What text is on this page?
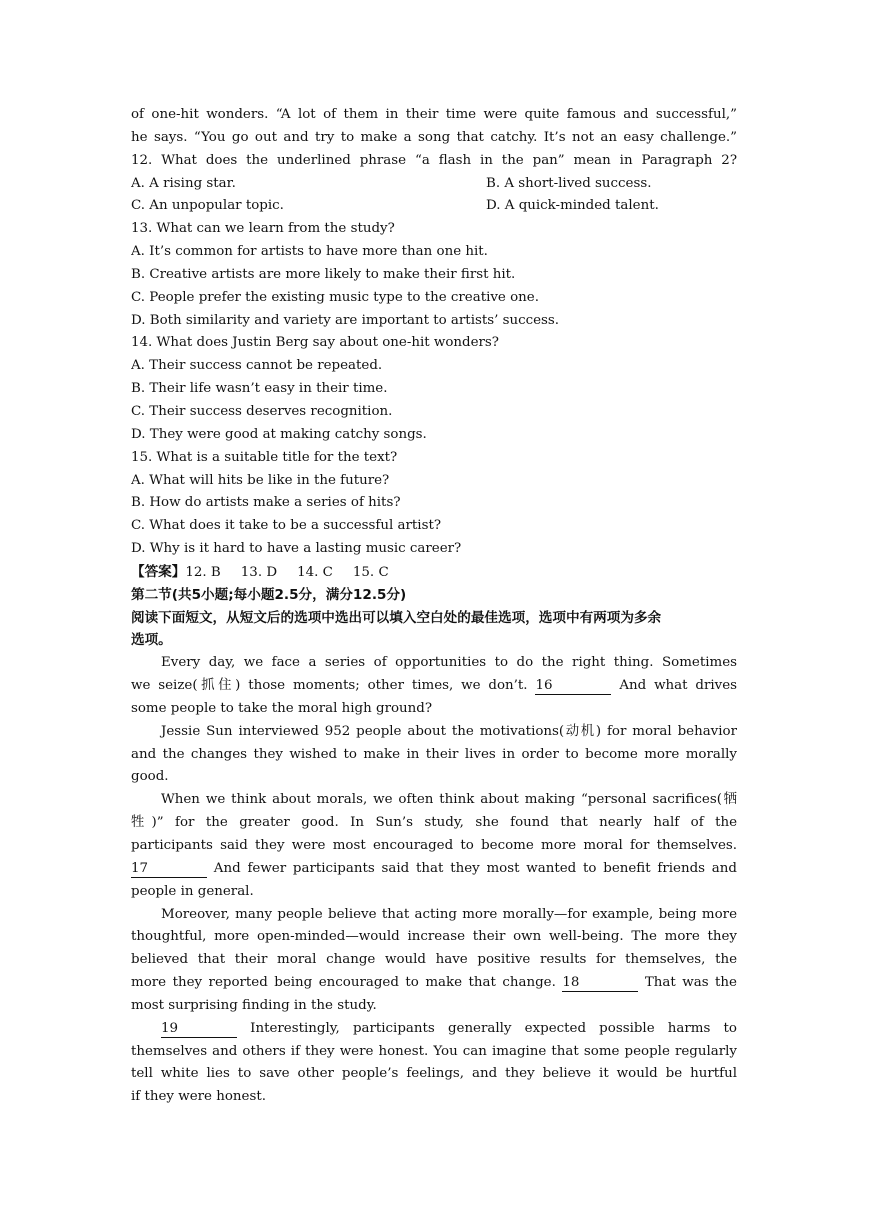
of one-hit wonders. “A lot of them in their time were quite famous and successful,”
he says. “You go out and try to make a song that catchy. It’s not an easy challenge.”
12. What does the underlined phrase “a flash in the pan” mean in Paragraph 2?
A. A rising star.	B. A short-lived success.
C. An unpopular topic.	D. A quick-minded talent.
13. What can we learn from the study?
A. It’s common for artists to have more than one hit.
B. Creative artists are more likely to make their first hit.
C. People prefer the existing music type to the creative one.
D. Both similarity and variety are important to artists’ success.
14. What does Justin Berg say about one-hit wonders?
A. Their success cannot be repeated.
B. Their life wasn’t easy in their time.
C. Their success deserves recognition.
D. They were good at making catchy songs.
15. What is a suitable title for the text?
A. What will hits be like in the future?
B. How do artists make a series of hits?
C. What does it take to be a successful artist?
D. Why is it hard to have a lasting music career?
【答案】12. B 13. D 14. C 15. C
第二节(共5小题;每小题2.5分，满分12.5分)
阅读下面短文，从短文后的选项中选出可以填入空白处的最佳选项，选项中有两项为多余
选项。
Every day, we face a series of opportunities to do the right thing. Sometimes
we seize(抓住) those moments; other times, we don’t. 16	And what drives
some people to take the moral high ground?
Jessie Sun interviewed 952 people about the motivations(动机) for moral behavior
and the changes they wished to make in their lives in order to become more morally
good.
When we think about morals, we often think about making “personal sacrifices(牺
牲)” for the greater good. In Sun’s study, she found that nearly half of the
participants said they were most encouraged to become more moral for themselves.
17	And fewer participants said that they most wanted to benefit friends and
people in general.
Moreover, many people believe that acting more morally—for example, being more
thoughtful, more open-minded—would increase their own well-being. The more they
believed that their moral change would have positive results for themselves, the
more they reported being encouraged to make that change. 18	That was the
most surprising finding in the study.
19	Interestingly, participants generally expected possible harms to
themselves and others if they were honest. You can imagine that some people regularly
tell white lies to save other people’s feelings, and they believe it would be hurtful
if they were honest.
